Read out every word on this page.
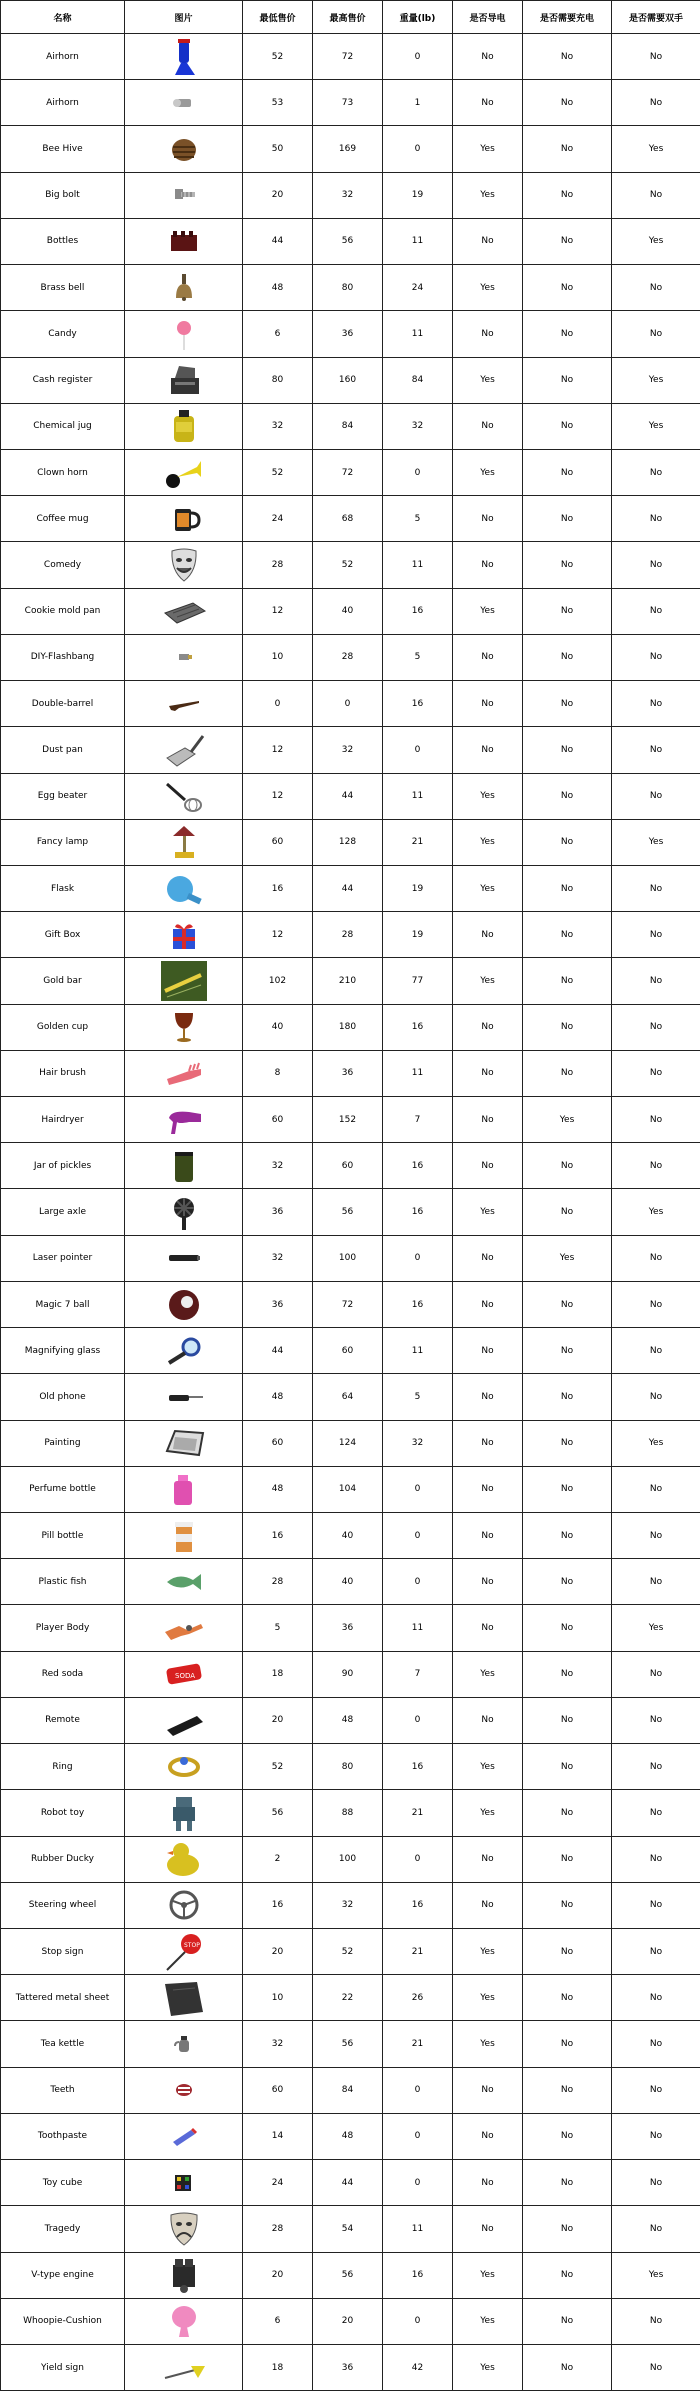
名称	图片	最低售价	最高售价	重量(lb)	是否导电	是否需要充电	是否需要双手
Airhorn		52	72	0	No	No	No
Airhorn		53	73	1	No	No	No
Bee Hive		50	169	0	Yes	No	Yes
Big bolt		20	32	19	Yes	No	No
Bottles		44	56	11	No	No	Yes
Brass bell		48	80	24	Yes	No	No
Candy		6	36	11	No	No	No
Cash register		80	160	84	Yes	No	Yes
Chemical jug		32	84	32	No	No	Yes
Clown horn		52	72	0	Yes	No	No
Coffee mug		24	68	5	No	No	No
Comedy		28	52	11	No	No	No
Cookie mold pan		12	40	16	Yes	No	No
DIY-Flashbang		10	28	5	No	No	No
Double-barrel		0	0	16	No	No	No
Dust pan		12	32	0	No	No	No
Egg beater		12	44	11	Yes	No	No
Fancy lamp		60	128	21	Yes	No	Yes
Flask		16	44	19	Yes	No	No
Gift Box		12	28	19	No	No	No
Gold bar		102	210	77	Yes	No	No
Golden cup		40	180	16	No	No	No
Hair brush		8	36	11	No	No	No
Hairdryer		60	152	7	No	Yes	No
Jar of pickles		32	60	16	No	No	No
Large axle		36	56	16	Yes	No	Yes
Laser pointer		32	100	0	No	Yes	No
Magic 7 ball		36	72	16	No	No	No
Magnifying glass		44	60	11	No	No	No
Old phone		48	64	5	No	No	No
Painting		60	124	32	No	No	Yes
Perfume bottle		48	104	0	No	No	No
Pill bottle		16	40	0	No	No	No
Plastic fish		28	40	0	No	No	No
Player Body		5	36	11	No	No	Yes
Red soda	SODA	18	90	7	Yes	No	No
Remote		20	48	0	No	No	No
Ring		52	80	16	Yes	No	No
Robot toy		56	88	21	Yes	No	No
Rubber Ducky		2	100	0	No	No	No
Steering wheel		16	32	16	No	No	No
Stop sign	STOP	20	52	21	Yes	No	No
Tattered metal sheet		10	22	26	Yes	No	No
Tea kettle		32	56	21	Yes	No	No
Teeth		60	84	0	No	No	No
Toothpaste		14	48	0	No	No	No
Toy cube		24	44	0	No	No	No
Tragedy		28	54	11	No	No	No
V-type engine		20	56	16	Yes	No	Yes
Whoopie-Cushion		6	20	0	Yes	No	No
Yield sign		18	36	42	Yes	No	No
